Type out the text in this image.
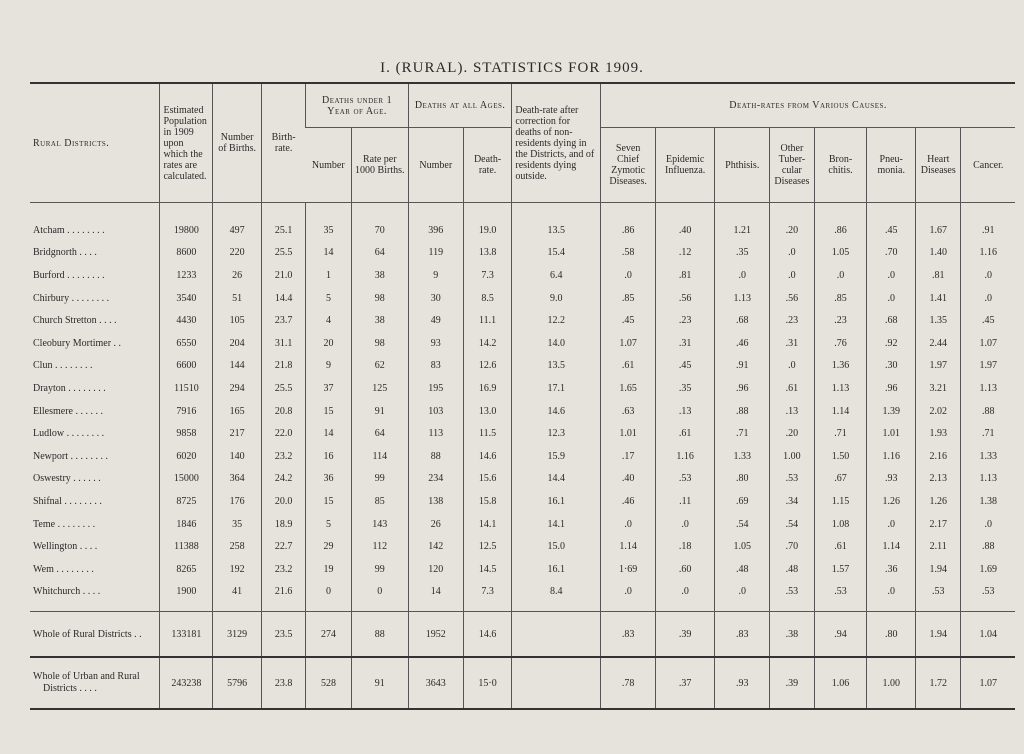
I. (RURAL). STATISTICS FOR 1909.
Rural Districts.	Estimated Population in 1909 upon which the rates are calculated.	Number of Births.	Birth-rate.	Deaths under 1 Year of Age.		Deaths at all Ages.		Death-rate after correction for deaths of non-residents dying in the Districts, and of residents dying outside.	Death-rates from Various Causes.							
				Number	Rate per 1000 Births.	Number	Death-rate.		Seven Chief Zymotic Diseases.	Epidemic Influenza.	Phthisis.	Other Tuber-cular Diseases	Bron-chitis.	Pneu-monia.	Heart Diseases	Cancer.
Atcham . . . . . . . .	19800	497	25.1	35	70	396	19.0	13.5	.86	.40	1.21	.20	.86	.45	1.67	.91
Bridgnorth . . . .	8600	220	25.5	14	64	119	13.8	15.4	.58	.12	.35	.0	1.05	.70	1.40	1.16
Burford . . . . . . . .	1233	26	21.0	1	38	9	7.3	6.4	.0	.81	.0	.0	.0	.0	.81	.0
Chirbury . . . . . . . .	3540	51	14.4	5	98	30	8.5	9.0	.85	.56	1.13	.56	.85	.0	1.41	.0
Church Stretton . . . .	4430	105	23.7	4	38	49	11.1	12.2	.45	.23	.68	.23	.23	.68	1.35	.45
Cleobury Mortimer . .	6550	204	31.1	20	98	93	14.2	14.0	1.07	.31	.46	.31	.76	.92	2.44	1.07
Clun . . . . . . . .	6600	144	21.8	9	62	83	12.6	13.5	.61	.45	.91	.0	1.36	.30	1.97	1.97
Drayton . . . . . . . .	11510	294	25.5	37	125	195	16.9	17.1	1.65	.35	.96	.61	1.13	.96	3.21	1.13
Ellesmere . . . . . .	7916	165	20.8	15	91	103	13.0	14.6	.63	.13	.88	.13	1.14	1.39	2.02	.88
Ludlow . . . . . . . .	9858	217	22.0	14	64	113	11.5	12.3	1.01	.61	.71	.20	.71	1.01	1.93	.71
Newport . . . . . . . .	6020	140	23.2	16	114	88	14.6	15.9	.17	1.16	1.33	1.00	1.50	1.16	2.16	1.33
Oswestry . . . . . .	15000	364	24.2	36	99	234	15.6	14.4	.40	.53	.80	.53	.67	.93	2.13	1.13
Shifnal . . . . . . . .	8725	176	20.0	15	85	138	15.8	16.1	.46	.11	.69	.34	1.15	1.26	1.26	1.38
Teme . . . . . . . .	1846	35	18.9	5	143	26	14.1	14.1	.0	.0	.54	.54	1.08	.0	2.17	.0
Wellington . . . .	11388	258	22.7	29	112	142	12.5	15.0	1.14	.18	1.05	.70	.61	1.14	2.11	.88
Wem . . . . . . . .	8265	192	23.2	19	99	120	14.5	16.1	1·69	.60	.48	.48	1.57	.36	1.94	1.69
Whitchurch . . . .	1900	41	21.6	0	0	14	7.3	8.4	.0	.0	.0	.53	.53	.0	.53	.53
Whole of Rural Districts . .	133181	3129	23.5	274	88	1952	14.6		.83	.39	.83	.38	.94	.80	1.94	1.04

Whole of Urban and Rural
Districts . . . .	243238	5796	23.8	528	91	3643	15·0		.78	.37	.93	.39	1.06	1.00	1.72	1.07
